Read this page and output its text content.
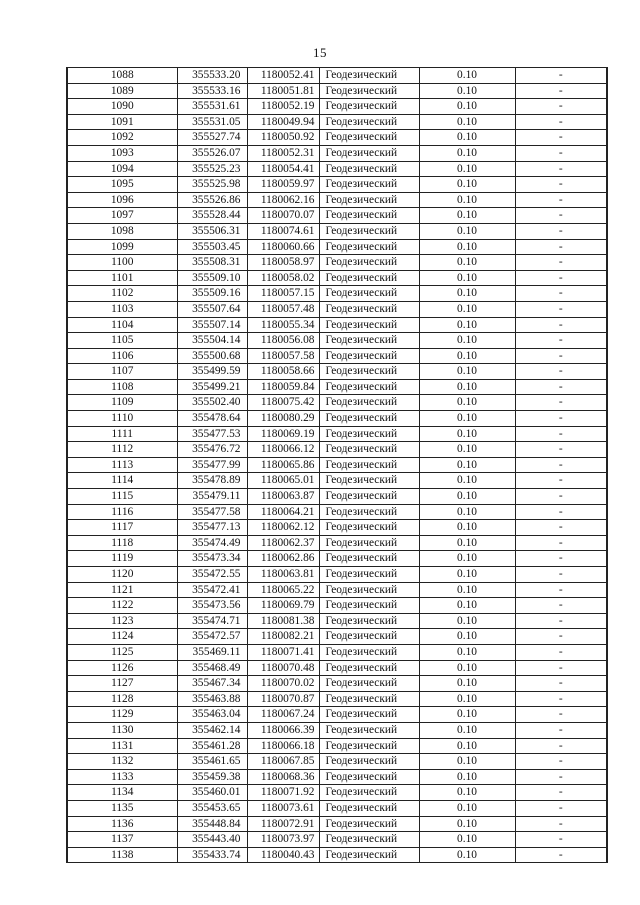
15
1088	355533.20	1180052.41	Геодезический	0.10	-
1089	355533.16	1180051.81	Геодезический	0.10	-
1090	355531.61	1180052.19	Геодезический	0.10	-
1091	355531.05	1180049.94	Геодезический	0.10	-
1092	355527.74	1180050.92	Геодезический	0.10	-
1093	355526.07	1180052.31	Геодезический	0.10	-
1094	355525.23	1180054.41	Геодезический	0.10	-
1095	355525.98	1180059.97	Геодезический	0.10	-
1096	355526.86	1180062.16	Геодезический	0.10	-
1097	355528.44	1180070.07	Геодезический	0.10	-
1098	355506.31	1180074.61	Геодезический	0.10	-
1099	355503.45	1180060.66	Геодезический	0.10	-
1100	355508.31	1180058.97	Геодезический	0.10	-
1101	355509.10	1180058.02	Геодезический	0.10	-
1102	355509.16	1180057.15	Геодезический	0.10	-
1103	355507.64	1180057.48	Геодезический	0.10	-
1104	355507.14	1180055.34	Геодезический	0.10	-
1105	355504.14	1180056.08	Геодезический	0.10	-
1106	355500.68	1180057.58	Геодезический	0.10	-
1107	355499.59	1180058.66	Геодезический	0.10	-
1108	355499.21	1180059.84	Геодезический	0.10	-
1109	355502.40	1180075.42	Геодезический	0.10	-
1110	355478.64	1180080.29	Геодезический	0.10	-
1111	355477.53	1180069.19	Геодезический	0.10	-
1112	355476.72	1180066.12	Геодезический	0.10	-
1113	355477.99	1180065.86	Геодезический	0.10	-
1114	355478.89	1180065.01	Геодезический	0.10	-
1115	355479.11	1180063.87	Геодезический	0.10	-
1116	355477.58	1180064.21	Геодезический	0.10	-
1117	355477.13	1180062.12	Геодезический	0.10	-
1118	355474.49	1180062.37	Геодезический	0.10	-
1119	355473.34	1180062.86	Геодезический	0.10	-
1120	355472.55	1180063.81	Геодезический	0.10	-
1121	355472.41	1180065.22	Геодезический	0.10	-
1122	355473.56	1180069.79	Геодезический	0.10	-
1123	355474.71	1180081.38	Геодезический	0.10	-
1124	355472.57	1180082.21	Геодезический	0.10	-
1125	355469.11	1180071.41	Геодезический	0.10	-
1126	355468.49	1180070.48	Геодезический	0.10	-
1127	355467.34	1180070.02	Геодезический	0.10	-
1128	355463.88	1180070.87	Геодезический	0.10	-
1129	355463.04	1180067.24	Геодезический	0.10	-
1130	355462.14	1180066.39	Геодезический	0.10	-
1131	355461.28	1180066.18	Геодезический	0.10	-
1132	355461.65	1180067.85	Геодезический	0.10	-
1133	355459.38	1180068.36	Геодезический	0.10	-
1134	355460.01	1180071.92	Геодезический	0.10	-
1135	355453.65	1180073.61	Геодезический	0.10	-
1136	355448.84	1180072.91	Геодезический	0.10	-
1137	355443.40	1180073.97	Геодезический	0.10	-
1138	355433.74	1180040.43	Геодезический	0.10	-
